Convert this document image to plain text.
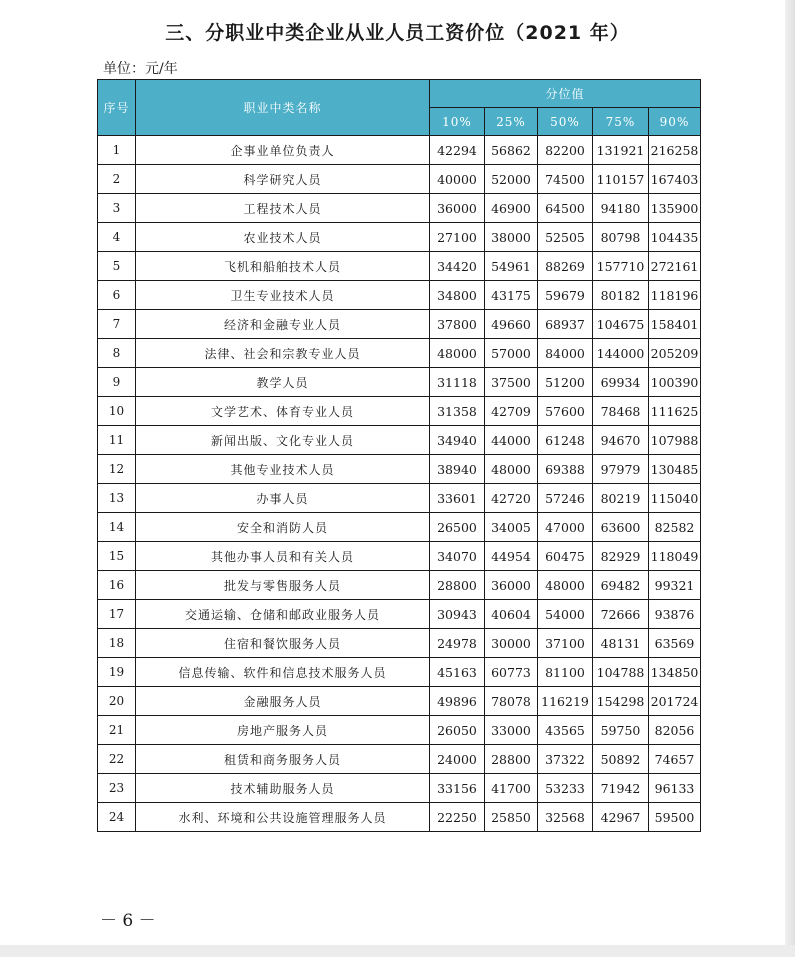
三、分职业中类企业从业人员工资价位（2021 年）
单位：元/年
序号	职业中类名称	分位值				
		10%	25%	50%	75%	90%
1	企事业单位负责人	42294	56862	82200	131921	216258
2	科学研究人员	40000	52000	74500	110157	167403
3	工程技术人员	36000	46900	64500	94180	135900
4	农业技术人员	27100	38000	52505	80798	104435
5	飞机和船舶技术人员	34420	54961	88269	157710	272161
6	卫生专业技术人员	34800	43175	59679	80182	118196
7	经济和金融专业人员	37800	49660	68937	104675	158401
8	法律、社会和宗教专业人员	48000	57000	84000	144000	205209
9	教学人员	31118	37500	51200	69934	100390
10	文学艺术、体育专业人员	31358	42709	57600	78468	111625
11	新闻出版、文化专业人员	34940	44000	61248	94670	107988
12	其他专业技术人员	38940	48000	69388	97979	130485
13	办事人员	33601	42720	57246	80219	115040
14	安全和消防人员	26500	34005	47000	63600	82582
15	其他办事人员和有关人员	34070	44954	60475	82929	118049
16	批发与零售服务人员	28800	36000	48000	69482	99321
17	交通运输、仓储和邮政业服务人员	30943	40604	54000	72666	93876
18	住宿和餐饮服务人员	24978	30000	37100	48131	63569
19	信息传输、软件和信息技术服务人员	45163	60773	81100	104788	134850
20	金融服务人员	49896	78078	116219	154298	201724
21	房地产服务人员	26050	33000	43565	59750	82056
22	租赁和商务服务人员	24000	28800	37322	50892	74657
23	技术辅助服务人员	33156	41700	53233	71942	96133
24	水利、环境和公共设施管理服务人员	22250	25850	32568	42967	59500
－ 6 －
